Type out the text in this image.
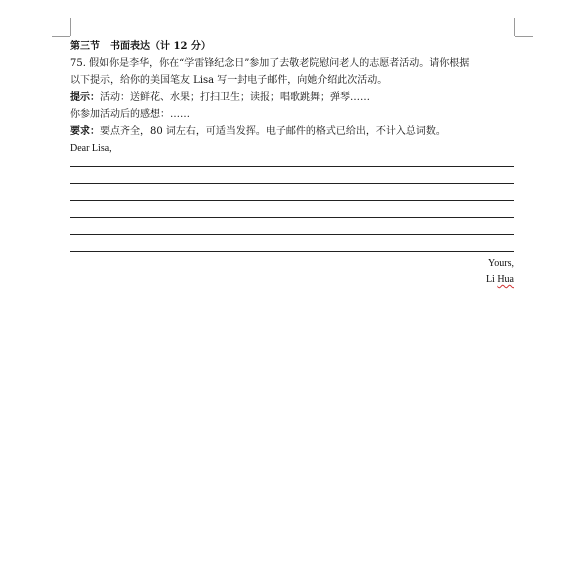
第三节　书面表达（计 12 分）
75. 假如你是李华，你在“学雷锋纪念日”参加了去敬老院慰问老人的志愿者活动。请你根据
以下提示，给你的美国笔友 Lisa 写一封电子邮件，向她介绍此次活动。
提示：活动：送鲜花、水果；打扫卫生；读报；唱歌跳舞；弹琴……
你参加活动后的感想：……
要求：要点齐全，80 词左右，可适当发挥。电子邮件的格式已给出，不计入总词数。
Dear Lisa,
Yours,
Li Hua
